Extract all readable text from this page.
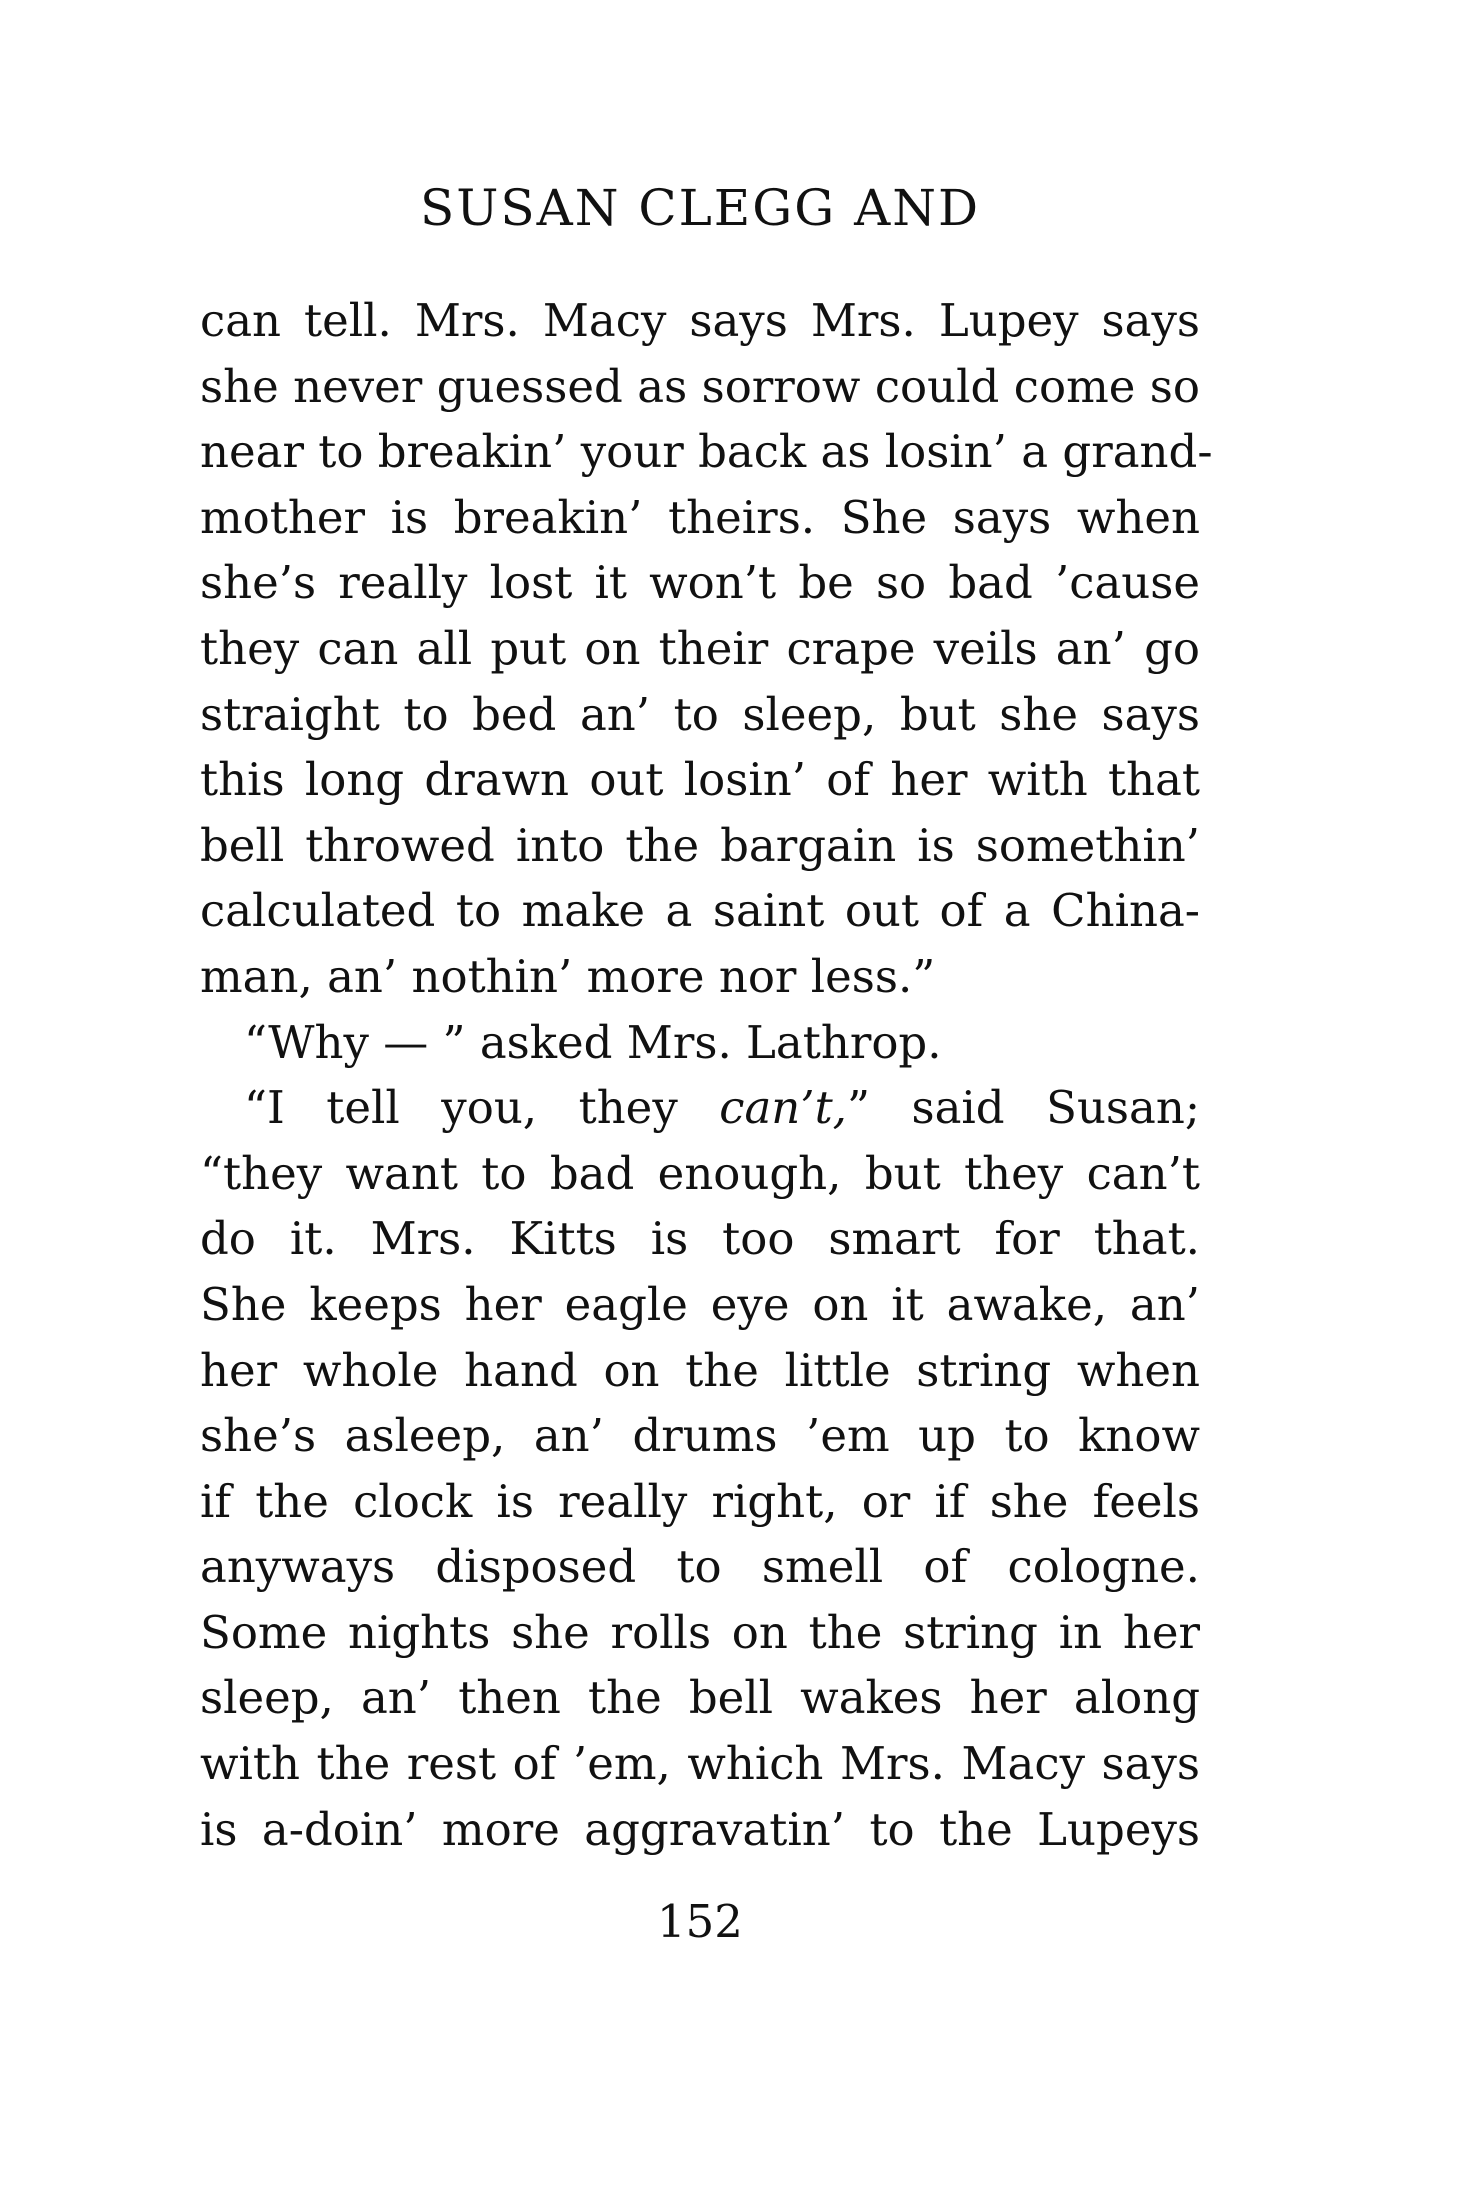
SUSAN CLEGG AND
can tell. Mrs. Macy says Mrs. Lupey says
she never guessed as sorrow could come so
near to breakin’ your back as losin’ a grand-
mother is breakin’ theirs. She says when
she’s really lost it won’t be so bad ’cause
they can all put on their crape veils an’ go
straight to bed an’ to sleep, but she says
this long drawn out losin’ of her with that
bell throwed into the bargain is somethin’
calculated to make a saint out of a China-
man, an’ nothin’ more nor less.”
“Why — ” asked Mrs. Lathrop.
“I tell you, they can’t,” said Susan;
“they want to bad enough, but they can’t
do it. Mrs. Kitts is too smart for that.
She keeps her eagle eye on it awake, an’
her whole hand on the little string when
she’s asleep, an’ drums ’em up to know
if the clock is really right, or if she feels
anyways disposed to smell of cologne.
Some nights she rolls on the string in her
sleep, an’ then the bell wakes her along
with the rest of ’em, which Mrs. Macy says
is a-doin’ more aggravatin’ to the Lupeys
152
